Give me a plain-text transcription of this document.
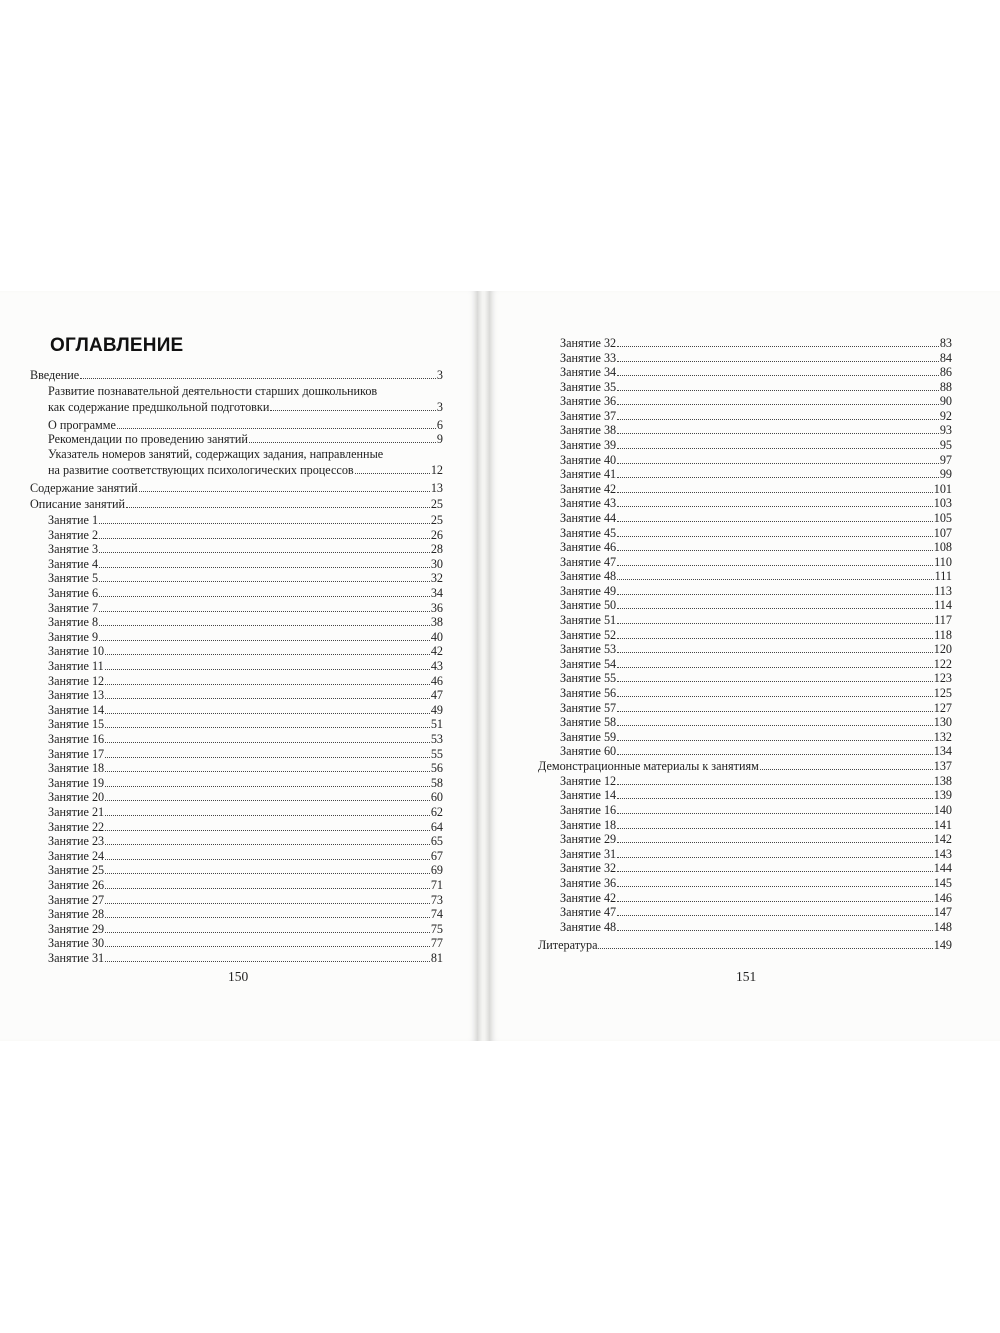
ОГЛАВЛЕНИЕ
Введение	3
Развитие познавательной деятельности старших дошкольников
как содержание предшкольной подготовки	3
О программе	6
Рекомендации по проведению занятий	9
Указатель номеров занятий, содержащих задания, направленные
на развитие соответствующих психологических процессов	12
Содержание занятий	13
Описание занятий	25
Занятие 1	25
Занятие 2	26
Занятие 3	28
Занятие 4	30
Занятие 5	32
Занятие 6	34
Занятие 7	36
Занятие 8	38
Занятие 9	40
Занятие 10	42
Занятие 11	43
Занятие 12	46
Занятие 13	47
Занятие 14	49
Занятие 15	51
Занятие 16	53
Занятие 17	55
Занятие 18	56
Занятие 19	58
Занятие 20	60
Занятие 21	62
Занятие 22	64
Занятие 23	65
Занятие 24	67
Занятие 25	69
Занятие 26	71
Занятие 27	73
Занятие 28	74
Занятие 29	75
Занятие 30	77
Занятие 31	81
150
Занятие 32	83
Занятие 33	84
Занятие 34	86
Занятие 35	88
Занятие 36	90
Занятие 37	92
Занятие 38	93
Занятие 39	95
Занятие 40	97
Занятие 41	99
Занятие 42	101
Занятие 43	103
Занятие 44	105
Занятие 45	107
Занятие 46	108
Занятие 47	110
Занятие 48	111
Занятие 49	113
Занятие 50	114
Занятие 51	117
Занятие 52	118
Занятие 53	120
Занятие 54	122
Занятие 55	123
Занятие 56	125
Занятие 57	127
Занятие 58	130
Занятие 59	132
Занятие 60	134
Демонстрационные материалы к занятиям	137
Занятие 12	138
Занятие 14	139
Занятие 16	140
Занятие 18	141
Занятие 29	142
Занятие 31	143
Занятие 32	144
Занятие 36	145
Занятие 42	146
Занятие 47	147
Занятие 48	148
Литература	149
151
